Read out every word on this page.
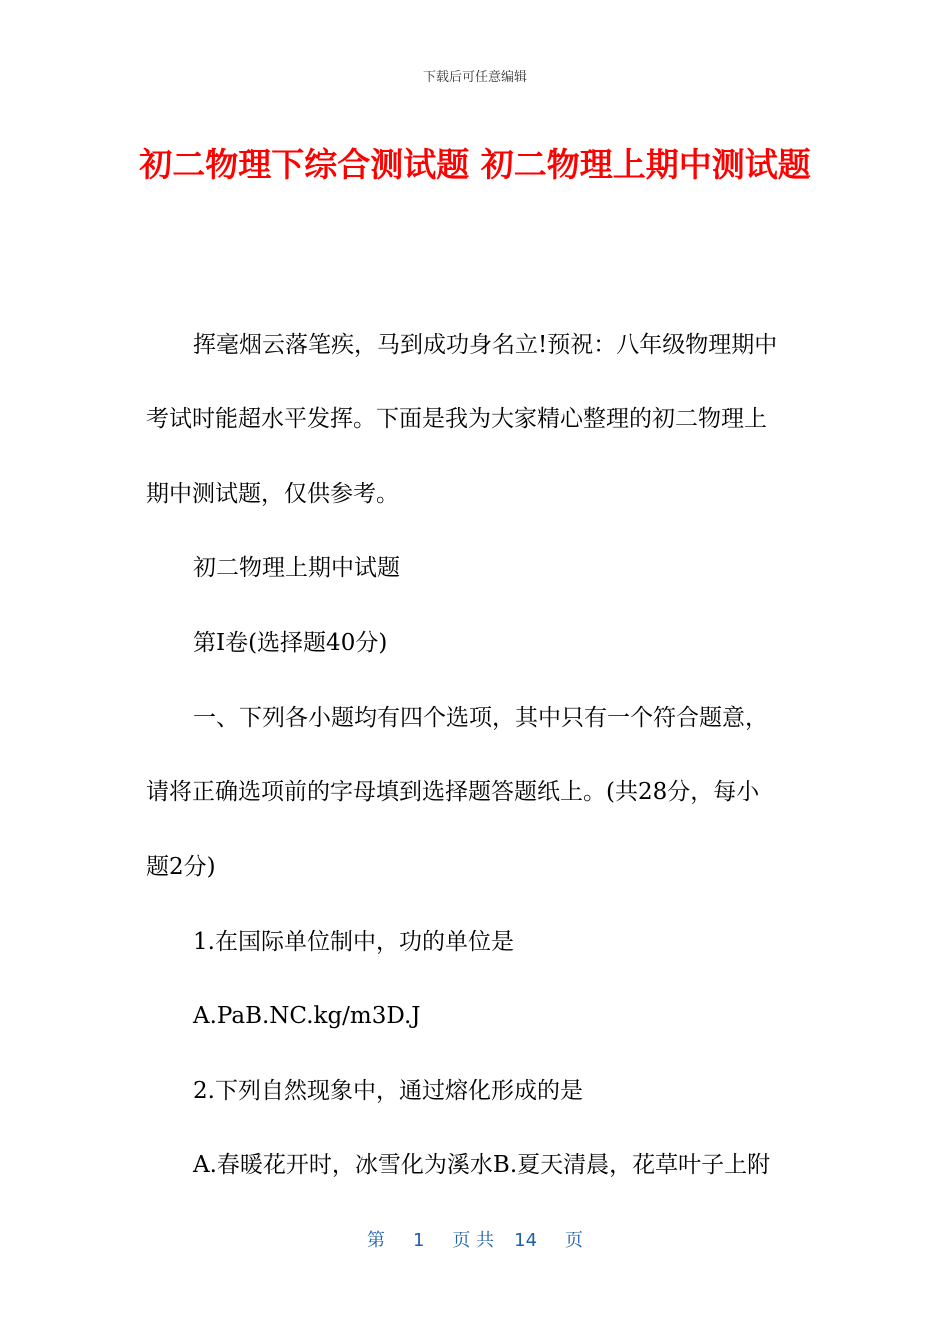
下载后可任意编辑
初二物理下综合测试题 初二物理上期中测试题
挥毫烟云落笔疾，马到成功身名立!预祝：八年级物理期中
考试时能超水平发挥。下面是我为大家精心整理的初二物理上
期中测试题，仅供参考。
初二物理上期中试题
第Ⅰ卷(选择题40分)
一、下列各小题均有四个选项，其中只有一个符合题意，
请将正确选项前的字母填到选择题答题纸上。(共28分，每小
题2分)
1.在国际单位制中，功的单位是
A.PaB.NC.kg/m3D.J
2.下列自然现象中，通过熔化形成的是
A.春暖花开时，冰雪化为溪水B.夏天清晨，花草叶子上附
第 1 页 共 14 页
